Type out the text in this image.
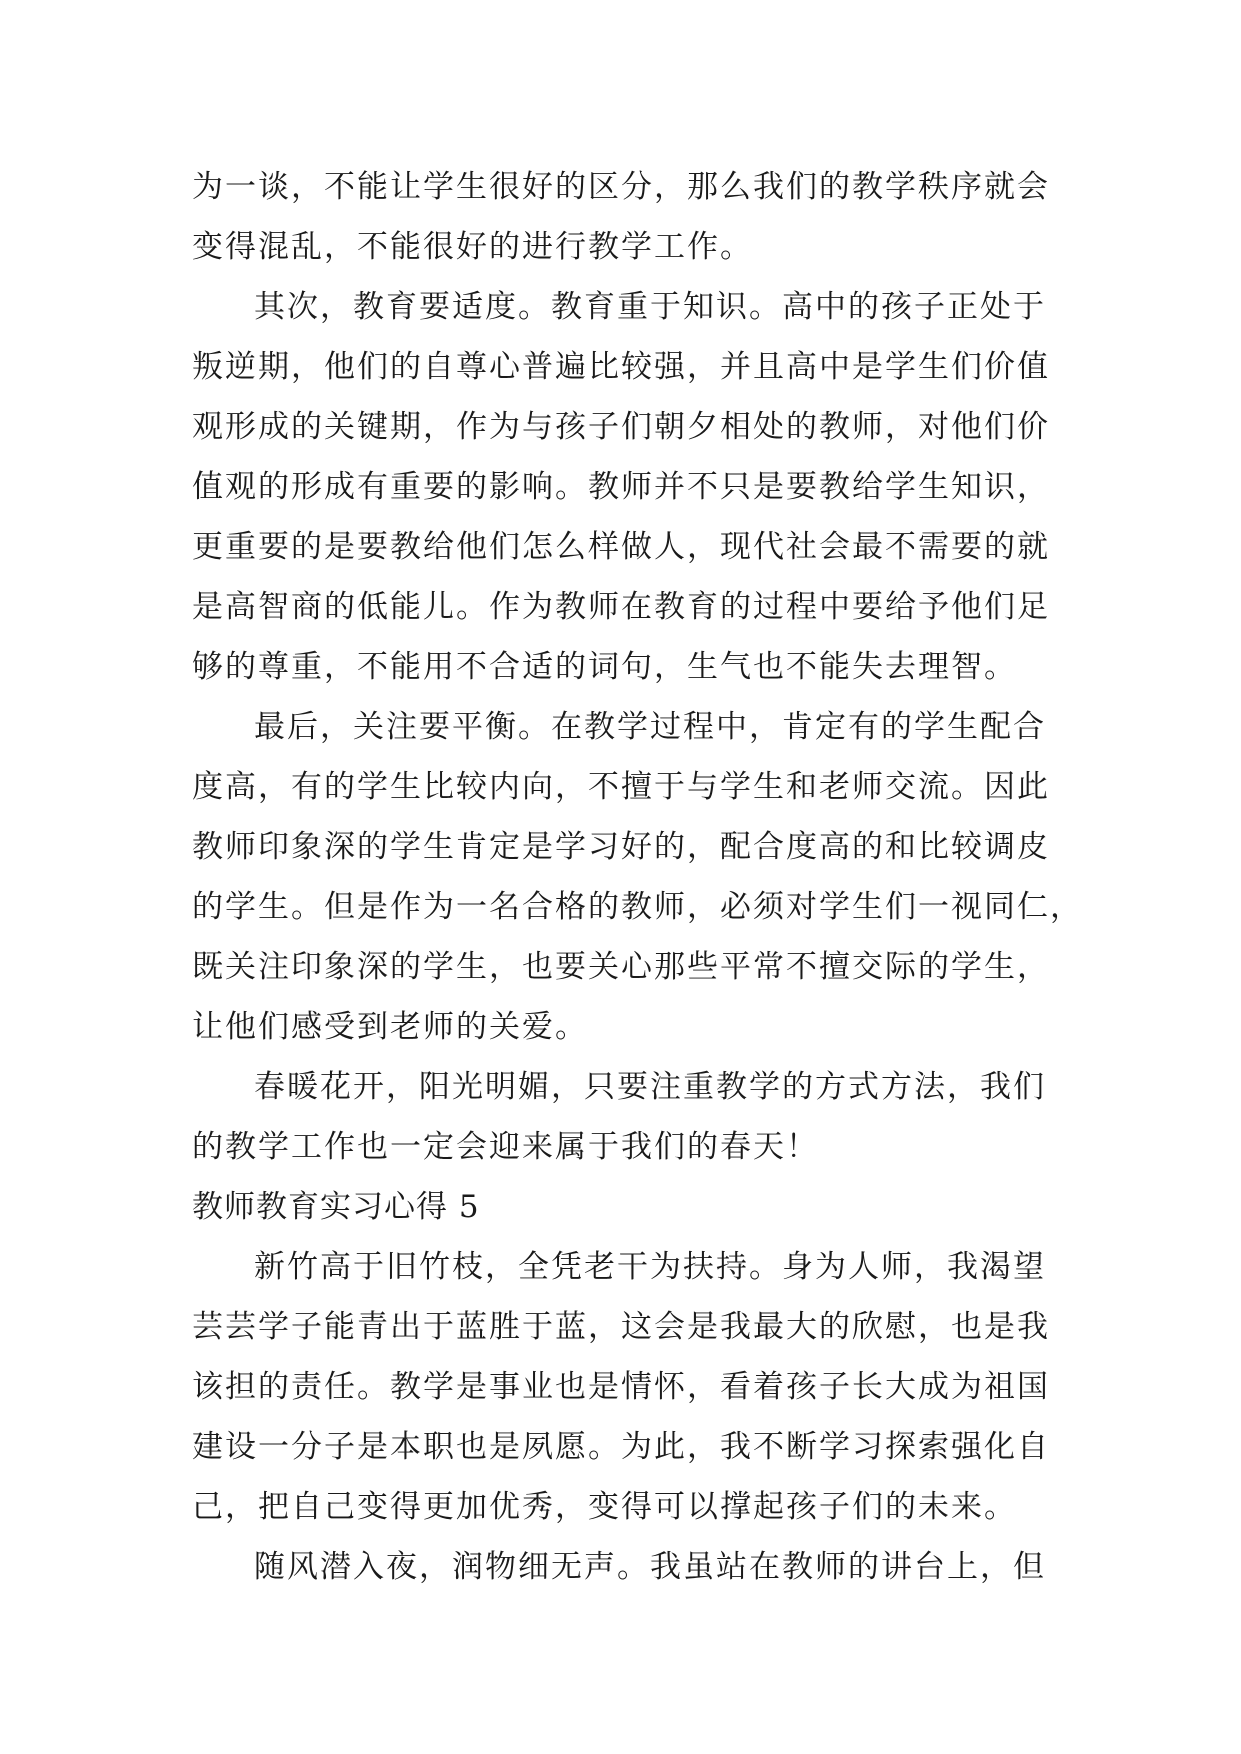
为一谈，不能让学生很好的区分，那么我们的教学秩序就会
变得混乱，不能很好的进行教学工作。
其次，教育要适度。教育重于知识。高中的孩子正处于
叛逆期，他们的自尊心普遍比较强，并且高中是学生们价值
观形成的关键期，作为与孩子们朝夕相处的教师，对他们价
值观的形成有重要的影响。教师并不只是要教给学生知识，
更重要的是要教给他们怎么样做人，现代社会最不需要的就
是高智商的低能儿。作为教师在教育的过程中要给予他们足
够的尊重，不能用不合适的词句，生气也不能失去理智。
最后，关注要平衡。在教学过程中，肯定有的学生配合
度高，有的学生比较内向，不擅于与学生和老师交流。因此
教师印象深的学生肯定是学习好的，配合度高的和比较调皮
的学生。但是作为一名合格的教师，必须对学生们一视同仁，
既关注印象深的学生，也要关心那些平常不擅交际的学生，
让他们感受到老师的关爱。
春暖花开，阳光明媚，只要注重教学的方式方法，我们
的教学工作也一定会迎来属于我们的春天！
教师教育实习心得 5
新竹高于旧竹枝，全凭老干为扶持。身为人师，我渴望
芸芸学子能青出于蓝胜于蓝，这会是我最大的欣慰，也是我
该担的责任。教学是事业也是情怀，看着孩子长大成为祖国
建设一分子是本职也是夙愿。为此，我不断学习探索强化自
己，把自己变得更加优秀，变得可以撑起孩子们的未来。
随风潜入夜，润物细无声。我虽站在教师的讲台上，但
